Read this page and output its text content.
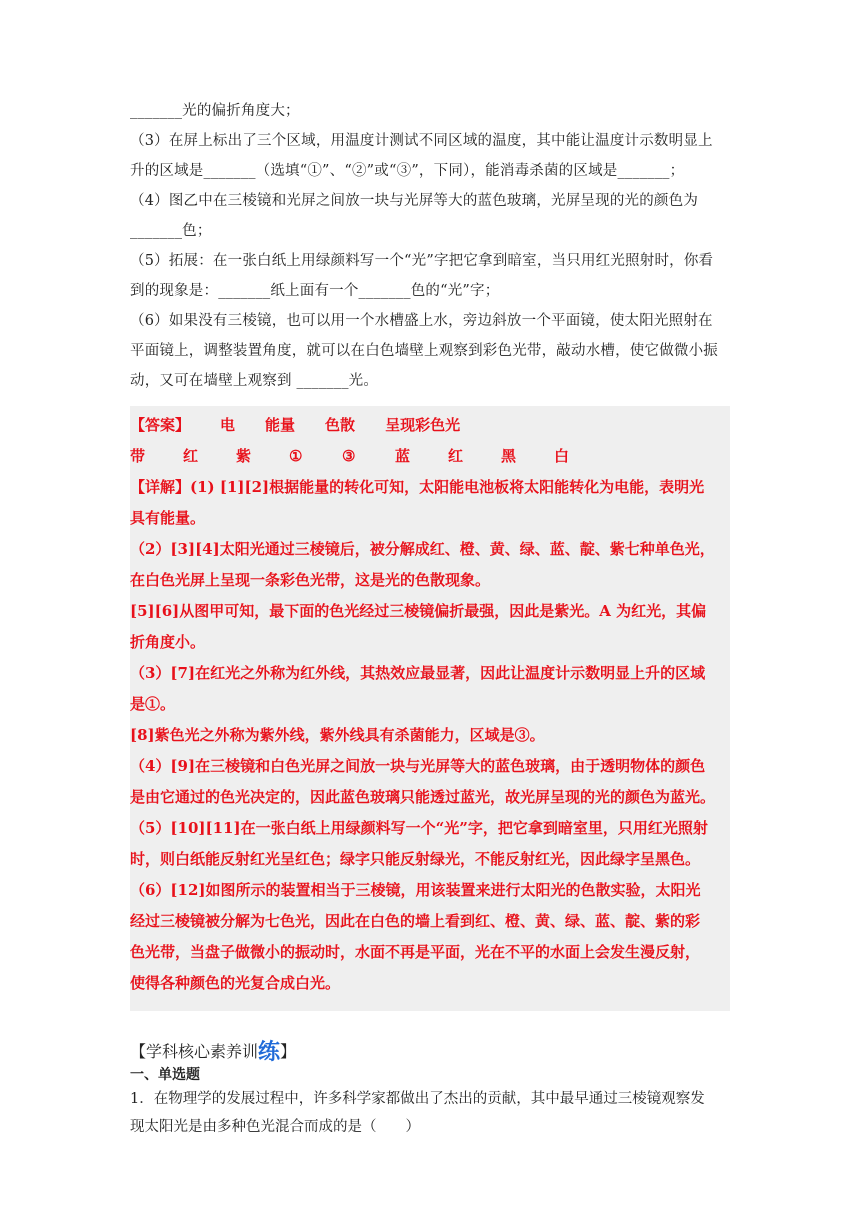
_______光的偏折角度大；

（3）在屏上标出了三个区域，用温度计测试不同区域的温度，其中能让温度计示数明显上

升的区域是_______（选填“①”、“②”或“③”，下同），能消毒杀菌的区域是_______；

（4）图乙中在三棱镜和光屏之间放一块与光屏等大的蓝色玻璃，光屏呈现的光的颜色为

_______色；

（5）拓展：在一张白纸上用绿颜料写一个“光”字把它拿到暗室，当只用红光照射时，你看

到的现象是：_______纸上面有一个_______色的“光”字；

（6）如果没有三棱镜，也可以用一个水槽盛上水，旁边斜放一个平面镜，使太阳光照射在

平面镜上，调整装置角度，就可以在白色墙壁上观察到彩色光带，敲动水槽，使它做微小振

动，又可在墙壁上观察到 _______光。

【答案】 电 能量 色散 呈现彩色光

带	红	紫	①	③	蓝	红	黑	白

【详解】(1) [1][2]根据能量的转化可知，太阳能电池板将太阳能转化为电能，表明光

具有能量。

（2）[3][4]太阳光通过三棱镜后，被分解成红、橙、黄、绿、蓝、靛、紫七种单色光，

在白色光屏上呈现一条彩色光带，这是光的色散现象。

[5][6]从图甲可知，最下面的色光经过三棱镜偏折最强，因此是紫光。A 为红光，其偏

折角度小。

（3）[7]在红光之外称为红外线，其热效应最显著，因此让温度计示数明显上升的区域

是①。

[8]紫色光之外称为紫外线，紫外线具有杀菌能力，区域是③。

（4）[9]在三棱镜和白色光屏之间放一块与光屏等大的蓝色玻璃，由于透明物体的颜色

是由它通过的色光决定的，因此蓝色玻璃只能透过蓝光，故光屏呈现的光的颜色为蓝光。

（5）[10][11]在一张白纸上用绿颜料写一个“光”字，把它拿到暗室里，只用红光照射

时，则白纸能反射红光呈红色；绿字只能反射绿光，不能反射红光，因此绿字呈黑色。

（6）[12]如图所示的装置相当于三棱镜，用该装置来进行太阳光的色散实验，太阳光

经过三棱镜被分解为七色光，因此在白色的墙上看到红、橙、黄、绿、蓝、靛、紫的彩

色光带，当盘子做微小的振动时，水面不再是平面，光在不平的水面上会发生漫反射，

使得各种颜色的光复合成白光。

【学科核心素养训练】
一、单选题

1．在物理学的发展过程中，许多科学家都做出了杰出的贡献，其中最早通过三棱镜观察发

现太阳光是由多种色光混合而成的是（　　）
